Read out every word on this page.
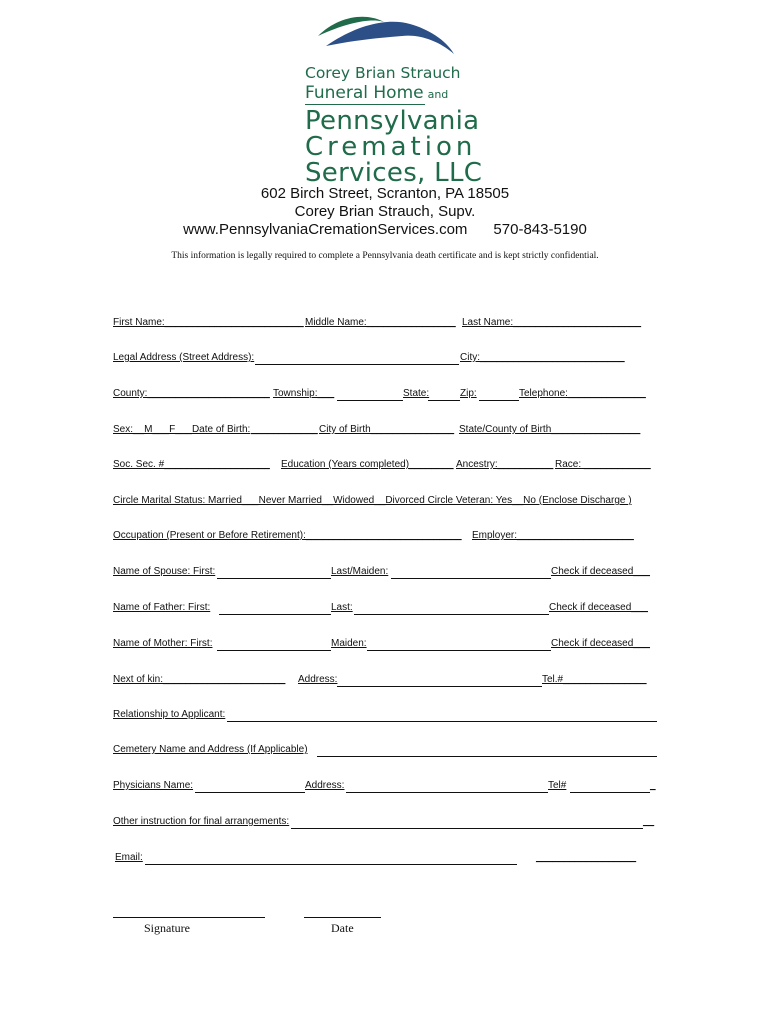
Corey Brian Strauch
Funeral Home and
Pennsylvania
Cremation
Services, LLC
602 Birch Street, Scranton, PA 18505
Corey Brian Strauch, Supv.
www.PennsylvaniaCremationServices.com 570-843-5190
This information is legally required to complete a Pennsylvania death certificate and is kept strictly confidential.
First Name:_________________________ Middle Name:________________ Last Name:_______________________
Legal Address (Street Address):	City:__________________________
County:______________________ Township:___	State:	Zip:	Telephone:______________
Sex:__M___F___Date of Birth: ____________ City of Birth_______________ State/County of Birth________________
Soc. Sec. #___________________ Education (Years completed)________ Ancestry:__________ Race: ____________
Circle Marital Status: Married___Never Married__Widowed__Divorced Circle Veteran: Yes__No (Enclose Discharge )
Occupation (Present or Before Retirement):____________________________ Employer:_____________________
Name of Spouse: First:	Last/Maiden:	Check if deceased___
Name of Father: First:	Last:	Check if deceased___
Name of Mother: First:	Maiden:	Check if deceased___
Next of kin:______________________ Address:	Tel.#_______________
Relationship to Applicant:
Cemetery Name and Address (If Applicable)
Physicians Name:	Address:	Tel#	_
Other instruction for final arrangements:	__
Email:	__________________
Signature	Date
